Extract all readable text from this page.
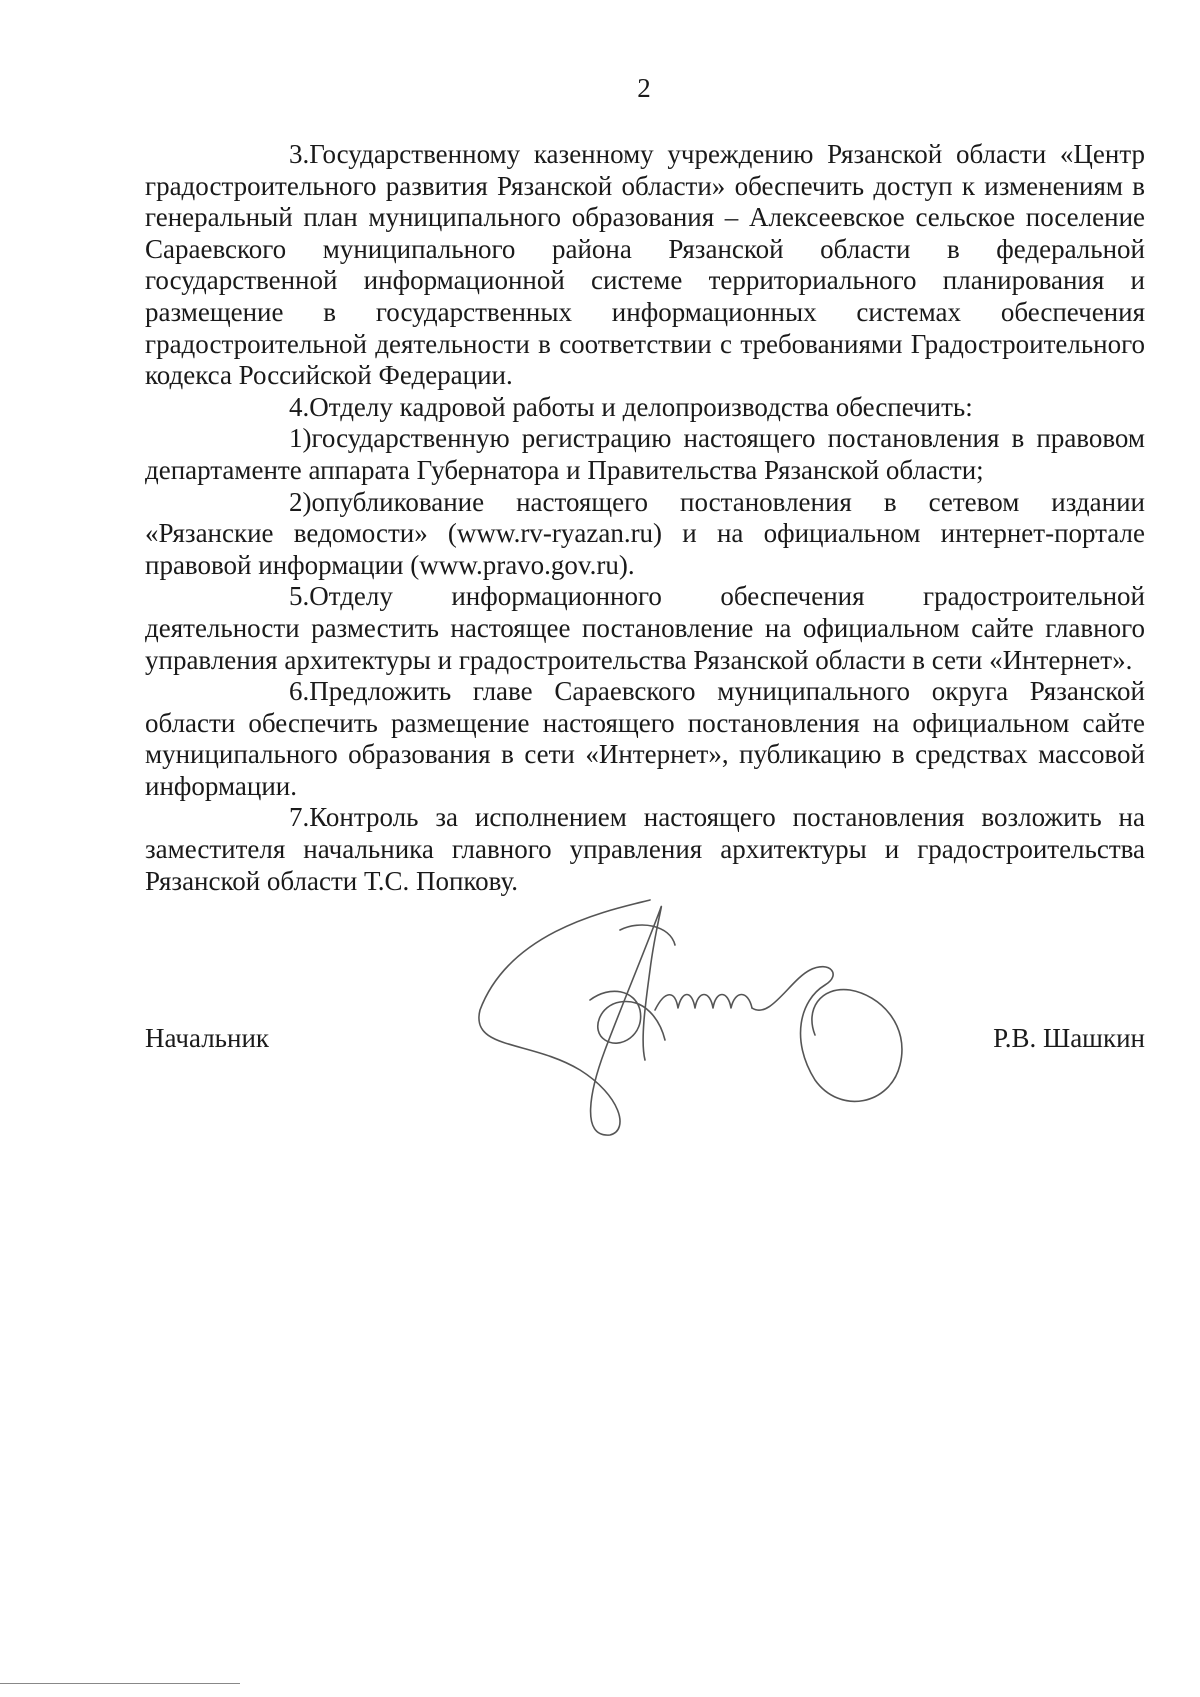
2

3.Государственному казенному учреждению Рязанской области «Центр градостроительного развития Рязанской области» обеспечить доступ к изменениям в генеральный план муниципального образования – Алексеевское сельское поселение Сараевского муниципального района Рязанской области в федеральной государственной информационной системе территориального планирования и размещение в государственных информационных системах обеспечения градостроительной деятельности в соответствии с требованиями Градостроительного кодекса Российской Федерации.

4.Отделу кадровой работы и делопроизводства обеспечить:

1)государственную регистрацию настоящего постановления в правовом департаменте аппарата Губернатора и Правительства Рязанской области;

2)опубликование настоящего постановления в сетевом издании «Рязанские ведомости» (www.rv-ryazan.ru) и на официальном интернет-портале правовой информации (www.pravo.gov.ru).

5.Отделу информационного обеспечения градостроительной деятельности разместить настоящее постановление на официальном сайте главного управления архитектуры и градостроительства Рязанской области в сети «Интернет».

6.Предложить главе Сараевского муниципального округа Рязанской области обеспечить размещение настоящего постановления на официальном сайте муниципального образования в сети «Интернет», публикацию в средствах массовой информации.

7.Контроль за исполнением настоящего постановления возложить на заместителя начальника главного управления архитектуры и градостроительства Рязанской области Т.С. Попкову.

Начальник	Р.В. Шашкин
